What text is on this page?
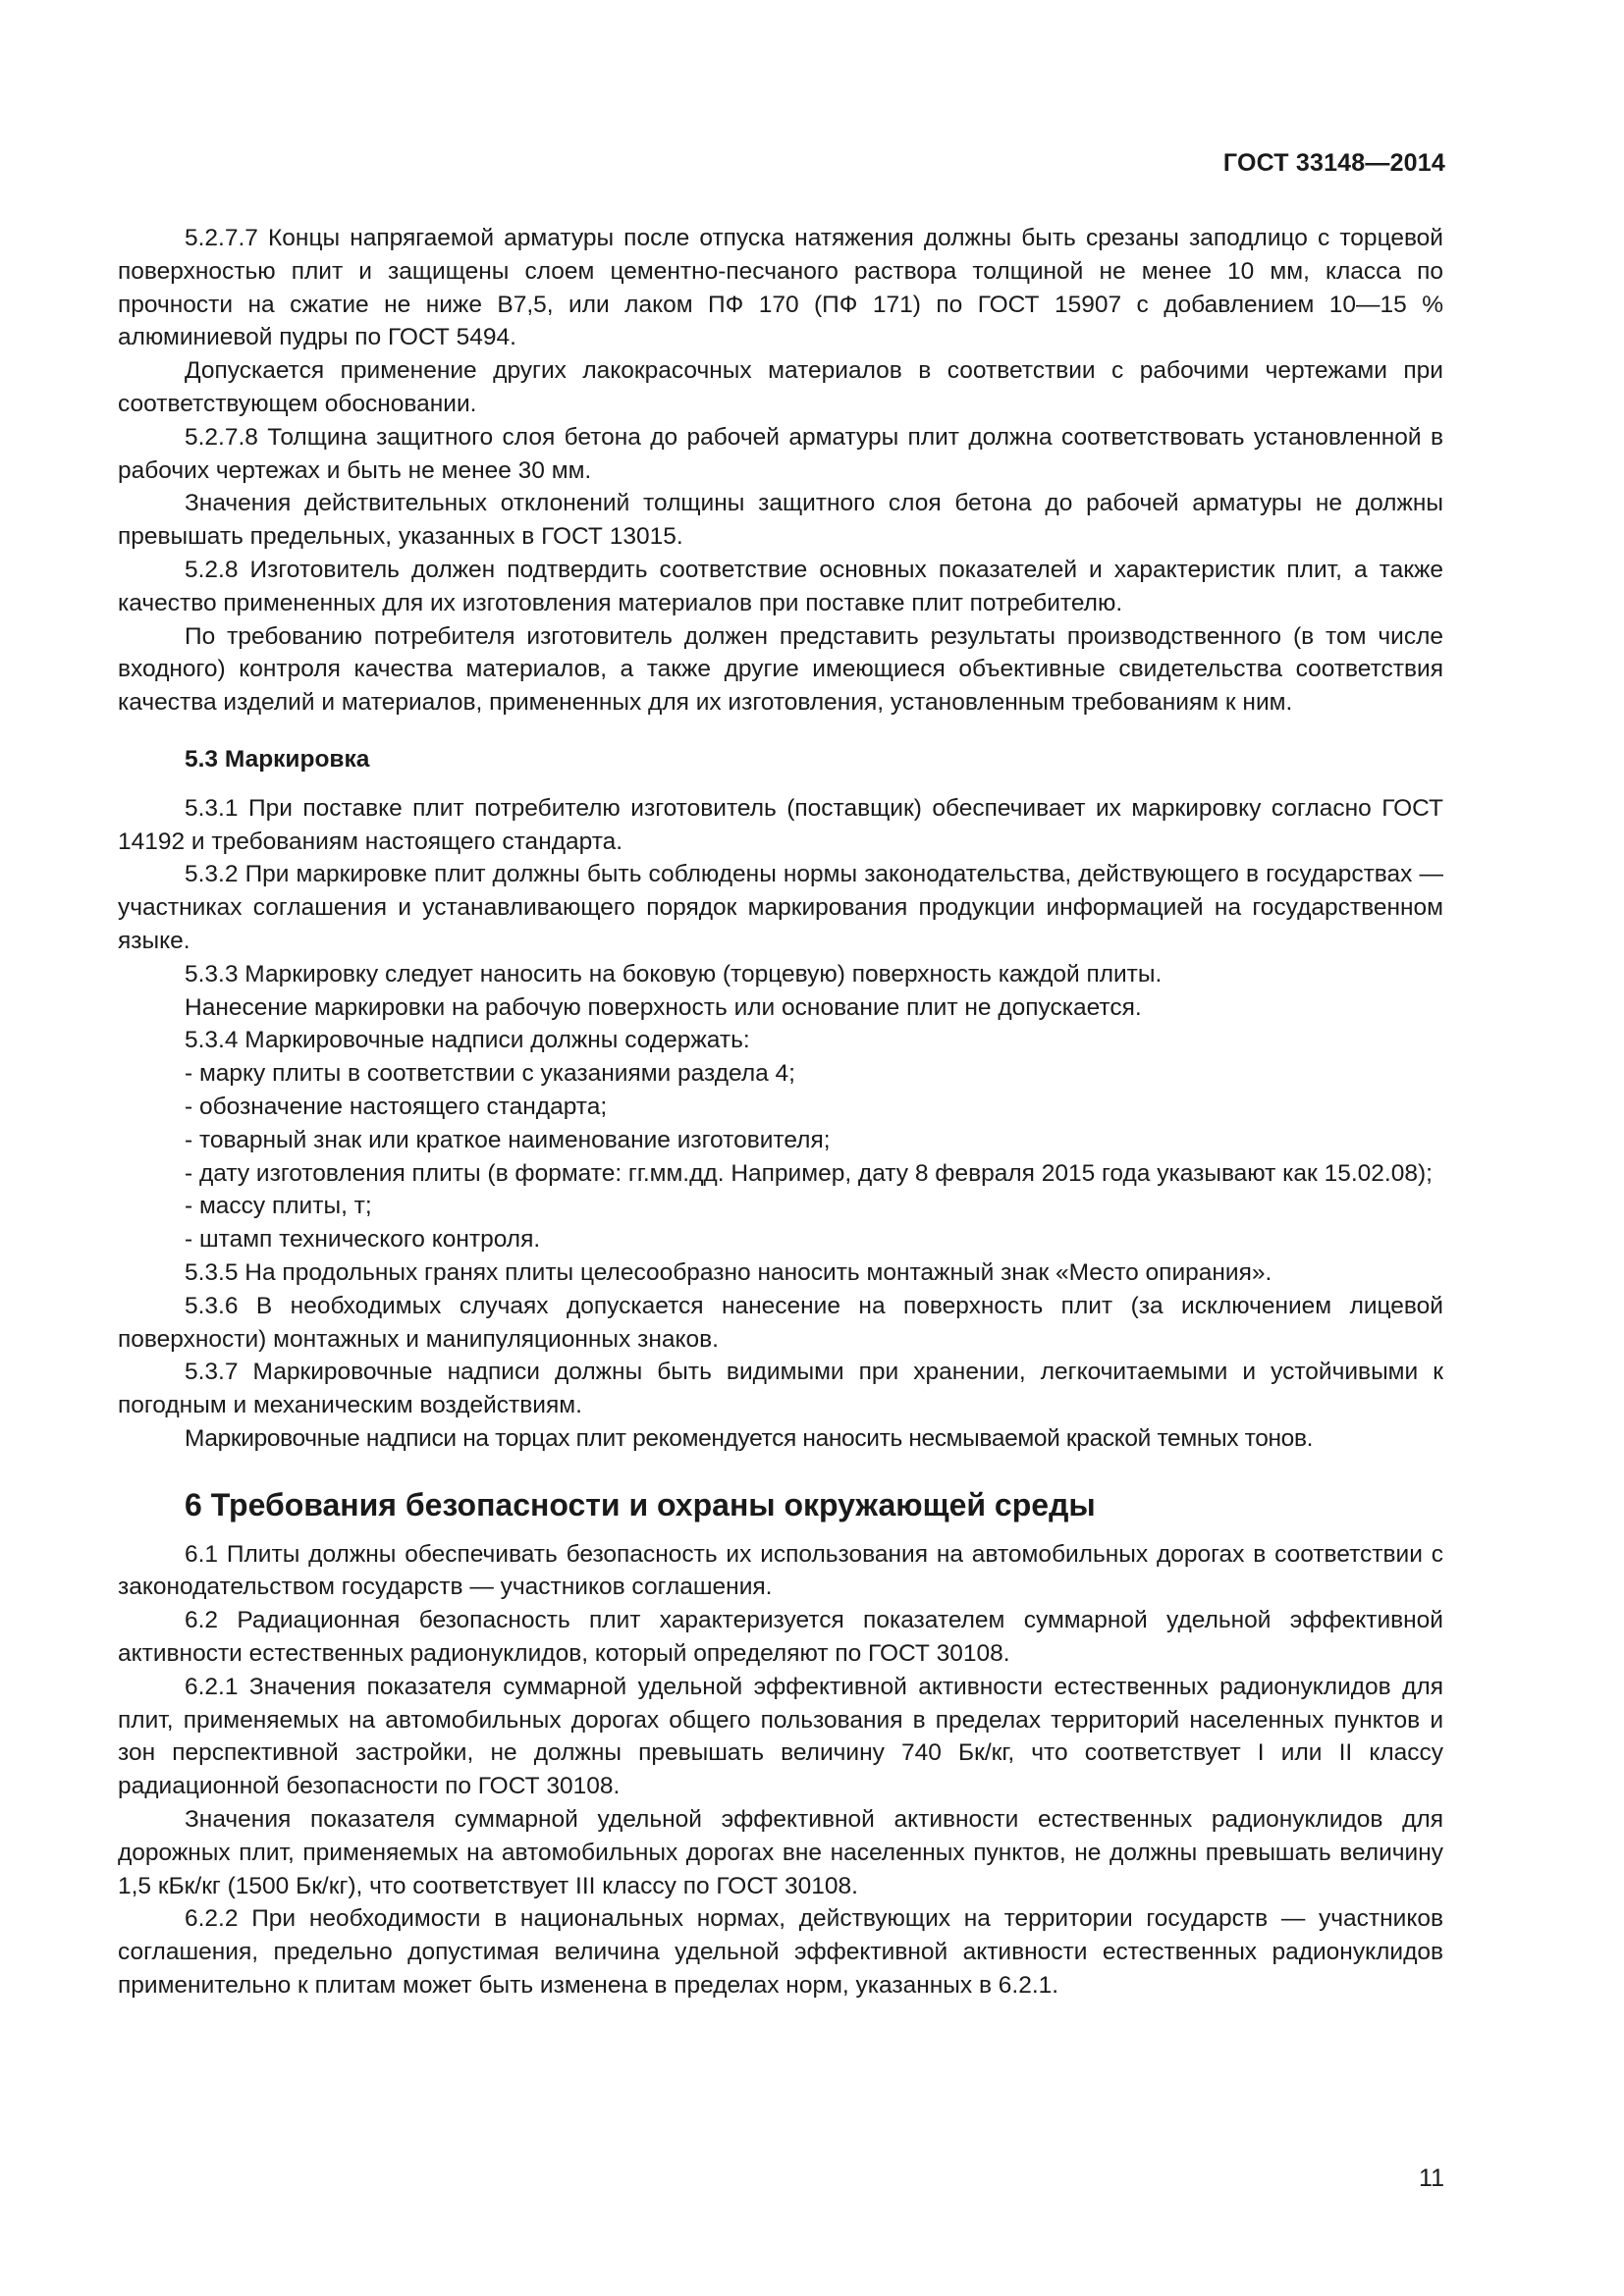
ГОСТ 33148—2014

5.2.7.7 Концы напрягаемой арматуры после отпуска натяжения должны быть срезаны заподлицо с торцевой поверхностью плит и защищены слоем цементно-песчаного раствора толщиной не менее 10 мм, класса по прочности на сжатие не ниже В7,5, или лаком ПФ 170 (ПФ 171) по ГОСТ 15907 с добавлением 10—15 % алюминиевой пудры по ГОСТ 5494.

Допускается применение других лакокрасочных материалов в соответствии с рабочими чертежами при соответствующем обосновании.

5.2.7.8 Толщина защитного слоя бетона до рабочей арматуры плит должна соответствовать установленной в рабочих чертежах и быть не менее 30 мм.

Значения действительных отклонений толщины защитного слоя бетона до рабочей арматуры не должны превышать предельных, указанных в ГОСТ 13015.

5.2.8 Изготовитель должен подтвердить соответствие основных показателей и характеристик плит, а также качество примененных для их изготовления материалов при поставке плит потребителю.

По требованию потребителя изготовитель должен представить результаты производственного (в том числе входного) контроля качества материалов, а также другие имеющиеся объективные свидетельства соответствия качества изделий и материалов, примененных для их изготовления, установленным требованиям к ним.

5.3 Маркировка

5.3.1 При поставке плит потребителю изготовитель (поставщик) обеспечивает их маркировку согласно ГОСТ 14192 и требованиям настоящего стандарта.

5.3.2 При маркировке плит должны быть соблюдены нормы законодательства, действующего в государствах — участниках соглашения и устанавливающего порядок маркирования продукции информацией на государственном языке.

5.3.3 Маркировку следует наносить на боковую (торцевую) поверхность каждой плиты.

Нанесение маркировки на рабочую поверхность или основание плит не допускается.

5.3.4 Маркировочные надписи должны содержать:

- марку плиты в соответствии с указаниями раздела 4;

- обозначение настоящего стандарта;

- товарный знак или краткое наименование изготовителя;

- дату изготовления плиты (в формате: гг.мм.дд. Например, дату 8 февраля 2015 года указывают как 15.02.08);

- массу плиты, т;

- штамп технического контроля.

5.3.5 На продольных гранях плиты целесообразно наносить монтажный знак «Место опирания».

5.3.6 В необходимых случаях допускается нанесение на поверхность плит (за исключением лицевой поверхности) монтажных и манипуляционных знаков.

5.3.7 Маркировочные надписи должны быть видимыми при хранении, легкочитаемыми и устойчивыми к погодным и механическим воздействиям.

Маркировочные надписи на торцах плит рекомендуется наносить несмываемой краской темных тонов.

6 Требования безопасности и охраны окружающей среды

6.1 Плиты должны обеспечивать безопасность их использования на автомобильных дорогах в соответствии с законодательством государств — участников соглашения.

6.2 Радиационная безопасность плит характеризуется показателем суммарной удельной эффективной активности естественных радионуклидов, который определяют по ГОСТ 30108.

6.2.1 Значения показателя суммарной удельной эффективной активности естественных радионуклидов для плит, применяемых на автомобильных дорогах общего пользования в пределах территорий населенных пунктов и зон перспективной застройки, не должны превышать величину 740 Бк/кг, что соответствует I или II классу радиационной безопасности по ГОСТ 30108.

Значения показателя суммарной удельной эффективной активности естественных радионуклидов для дорожных плит, применяемых на автомобильных дорогах вне населенных пунктов, не должны превышать величину 1,5 кБк/кг (1500 Бк/кг), что соответствует III классу по ГОСТ 30108.

6.2.2 При необходимости в национальных нормах, действующих на территории государств — участников соглашения, предельно допустимая величина удельной эффективной активности естественных радионуклидов применительно к плитам может быть изменена в пределах норм, указанных в 6.2.1.

11
